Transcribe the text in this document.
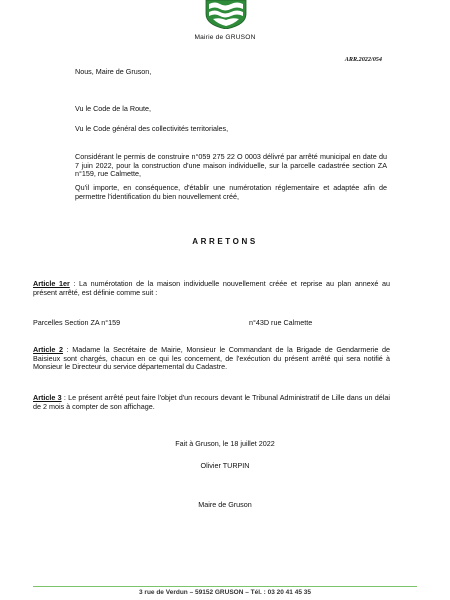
Mairie de GRUSON
ARR.2022/054
Nous, Maire de Gruson,
Vu le Code de la Route,
Vu le Code général des collectivités territoriales,
Considérant le permis de construire n°059 275 22 O 0003 délivré par arrêté municipal en date du 7 juin 2022, pour la construction d'une maison individuelle, sur la parcelle cadastrée section ZA n°159, rue Calmette,
Qu'il importe, en conséquence, d'établir une numérotation réglementaire et adaptée afin de permettre l'identification du bien nouvellement créé,
ARRETONS
Article 1er : La numérotation de la maison individuelle nouvellement créée et reprise au plan annexé au présent arrêté, est définie comme suit :
Parcelles Section ZA n°159	n°43D rue Calmette
Article 2 : Madame la Secrétaire de Mairie, Monsieur le Commandant de la Brigade de Gendarmerie de Baisieux sont chargés, chacun en ce qui les concernent, de l'exécution du présent arrêté qui sera notifié à Monsieur le Directeur du service départemental du Cadastre.
Article 3 : Le présent arrêté peut faire l'objet d'un recours devant le Tribunal Administratif de Lille dans un délai de 2 mois à compter de son affichage.
Fait à Gruson, le 18 juillet 2022
Olivier TURPIN
Maire de Gruson
3 rue de Verdun – 59152 GRUSON – Tél. : 03 20 41 45 35
